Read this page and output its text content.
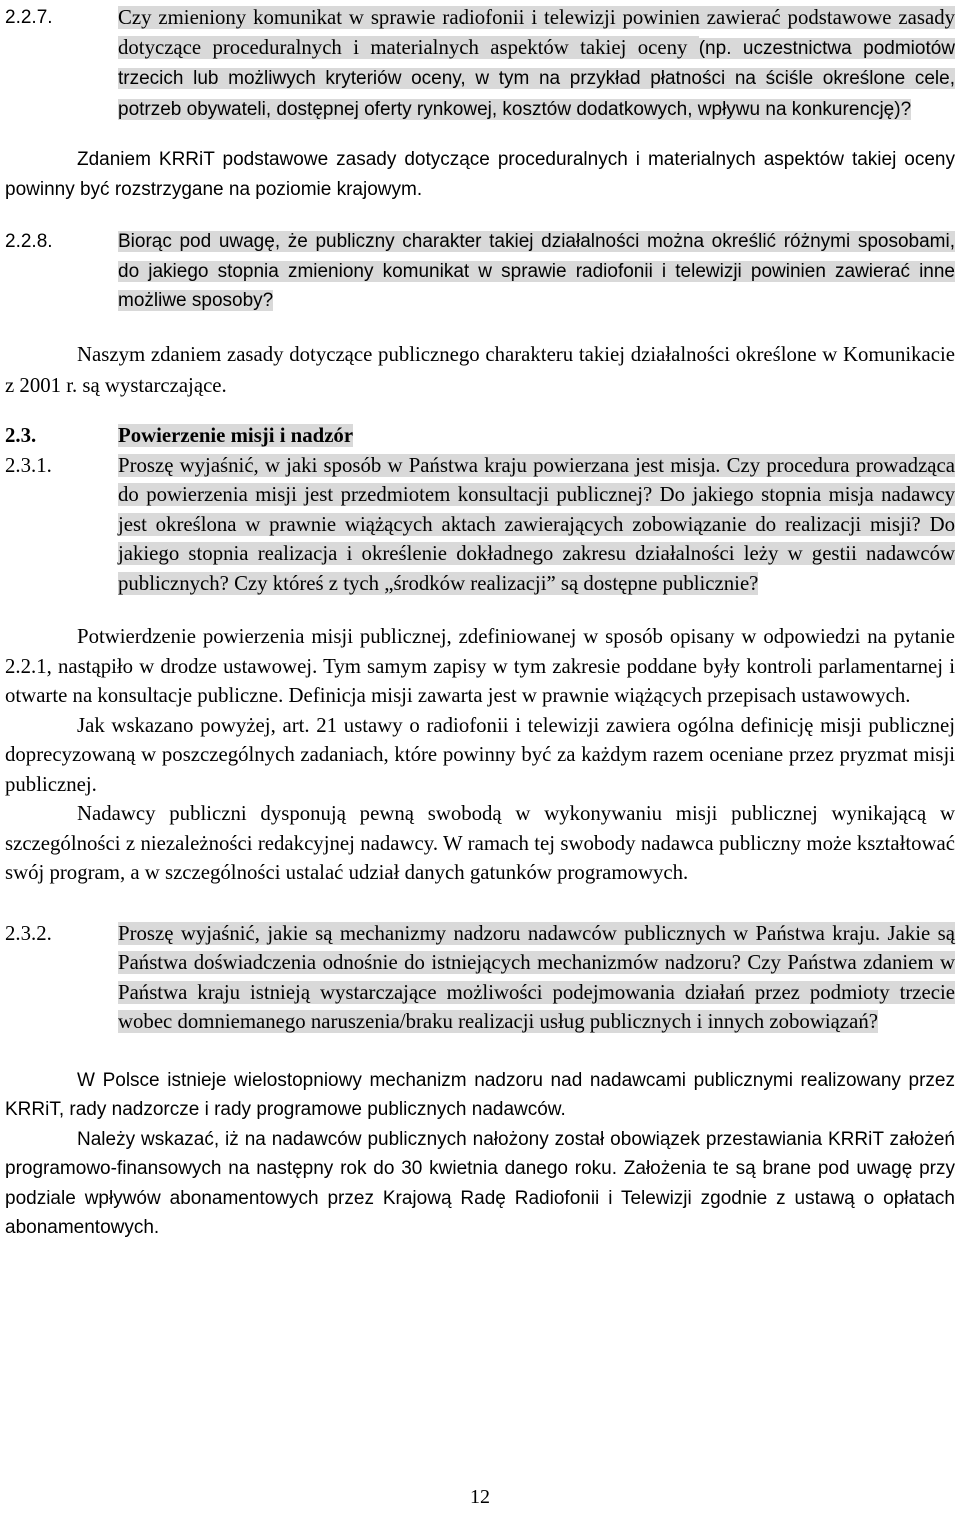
2.2.7.	Czy zmieniony komunikat w sprawie radiofonii i telewizji powinien zawierać podstawowe zasady dotyczące proceduralnych i materialnych aspektów takiej oceny (np. uczestnictwa podmiotów trzecich lub możliwych kryteriów oceny, w tym na przykład płatności na ściśle określone cele, potrzeb obywateli, dostępnej oferty rynkowej, kosztów dodatkowych, wpływu na konkurencję)?

Zdaniem KRRiT podstawowe zasady dotyczące proceduralnych i materialnych aspektów takiej oceny powinny być rozstrzygane na poziomie krajowym.

2.2.8.	Biorąc pod uwagę, że publiczny charakter takiej działalności można określić różnymi sposobami, do jakiego stopnia zmieniony komunikat w sprawie radiofonii i telewizji powinien zawierać inne możliwe sposoby?

Naszym zdaniem zasady dotyczące publicznego charakteru takiej działalności określone w Komunikacie z 2001 r. są wystarczające.

2.3.	Powierzenie misji i nadzór
2.3.1.	Proszę wyjaśnić, w jaki sposób w Państwa kraju powierzana jest misja. Czy procedura prowadząca do powierzenia misji jest przedmiotem konsultacji publicznej? Do jakiego stopnia misja nadawcy jest określona w prawnie wiążących aktach zawierających zobowiązanie do realizacji misji? Do jakiego stopnia realizacja i określenie dokładnego zakresu działalności leży w gestii nadawców publicznych? Czy któreś z tych „środków realizacji” są dostępne publicznie?

Potwierdzenie powierzenia misji publicznej, zdefiniowanej w sposób opisany w odpowiedzi na pytanie 2.2.1, nastąpiło w drodze ustawowej. Tym samym zapisy w tym zakresie poddane były kontroli parlamentarnej i otwarte na konsultacje publiczne. Definicja misji zawarta jest w prawnie wiążących przepisach ustawowych.

Jak wskazano powyżej, art. 21 ustawy o radiofonii i telewizji zawiera ogólna definicję misji publicznej doprecyzowaną w poszczególnych zadaniach, które powinny być za każdym razem oceniane przez pryzmat misji publicznej.

Nadawcy publiczni dysponują pewną swobodą w wykonywaniu misji publicznej wynikającą w szczególności z niezależności redakcyjnej nadawcy. W ramach tej swobody nadawca publiczny może kształtować swój program, a w szczególności ustalać udział danych gatunków programowych.

2.3.2.	Proszę wyjaśnić, jakie są mechanizmy nadzoru nadawców publicznych w Państwa kraju. Jakie są Państwa doświadczenia odnośnie do istniejących mechanizmów nadzoru? Czy Państwa zdaniem w Państwa kraju istnieją wystarczające możliwości podejmowania działań przez podmioty trzecie wobec domniemanego naruszenia/braku realizacji usług publicznych i innych zobowiązań?

W Polsce istnieje wielostopniowy mechanizm nadzoru nad nadawcami publicznymi realizowany przez KRRiT, rady nadzorcze i rady programowe publicznych nadawców.

Należy wskazać, iż na nadawców publicznych nałożony został obowiązek przestawiania KRRiT założeń programowo-finansowych na następny rok do 30 kwietnia danego roku. Założenia te są brane pod uwagę przy podziale wpływów abonamentowych przez Krajową Radę Radiofonii i Telewizji zgodnie z ustawą o opłatach abonamentowych.

12
